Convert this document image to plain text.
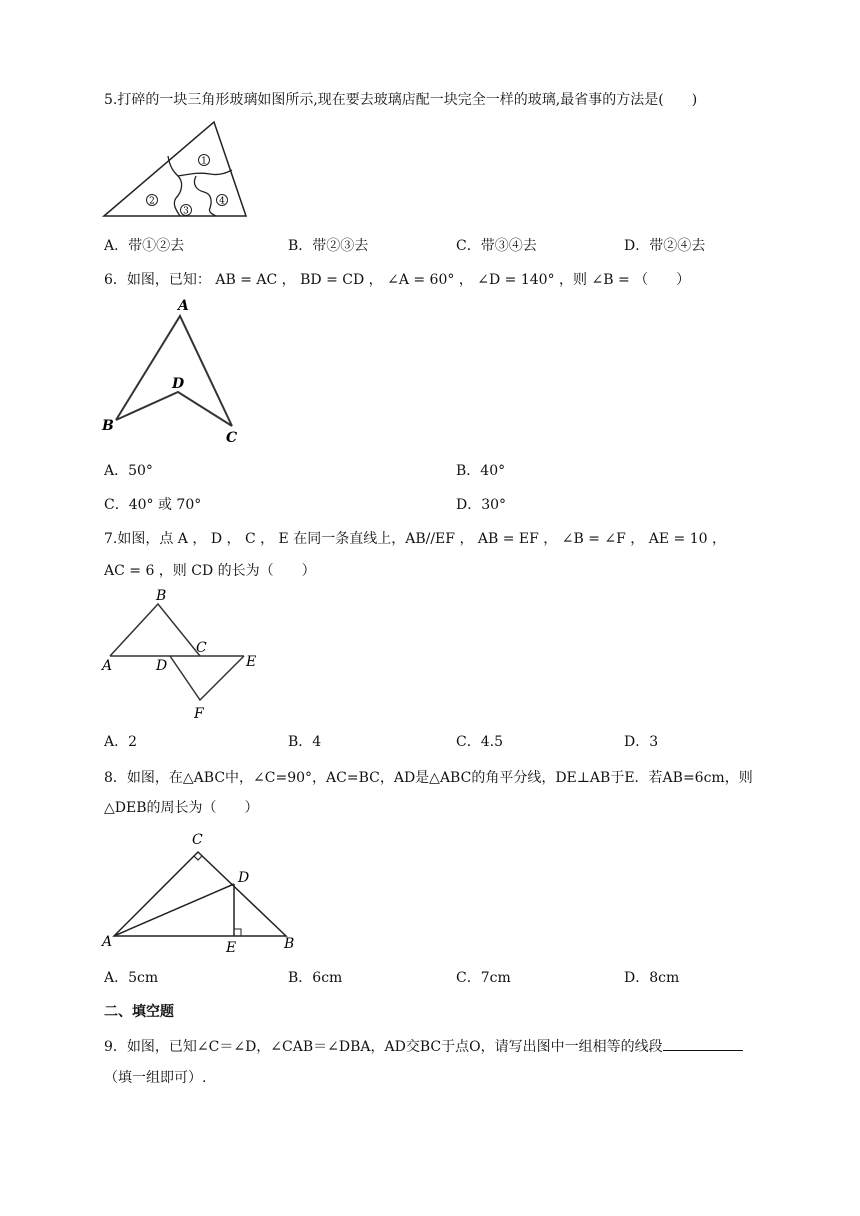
5.打碎的一块三角形玻璃如图所示,现在要去玻璃店配一块完全一样的玻璃,最省事的方法是(　　)
1
2
3
4
A．带①②去	B．带②③去	C．带③④去	D．带②④去
6．如图，已知： AB = AC ， BD = CD ， ∠A = 60° ， ∠D = 140° ，则 ∠B = （　　）
A
B
C
D
A．50°	B．40°
C．40° 或 70°	D．30°
7.如图，点 A ， D ， C ， E 在同一条直线上，AB//EF ， AB = EF ， ∠B = ∠F ， AE = 10 ，
AC = 6 ，则 CD 的长为（　　）
B
A	D
C
E
F
A．2	B．4	C．4.5	D．3
8．如图，在△ABC中，∠C=90°，AC=BC，AD是△ABC的角平分线，DE⊥AB于E．若AB=6cm，则
△DEB的周长为（　　）
C
D
A	E	B
A．5cm	B．6cm	C．7cm	D．8cm
二、填空题
9．如图，已知∠C＝∠D，∠CAB＝∠DBA，AD交BC于点O，请写出图中一组相等的线段
（填一组即可）.
